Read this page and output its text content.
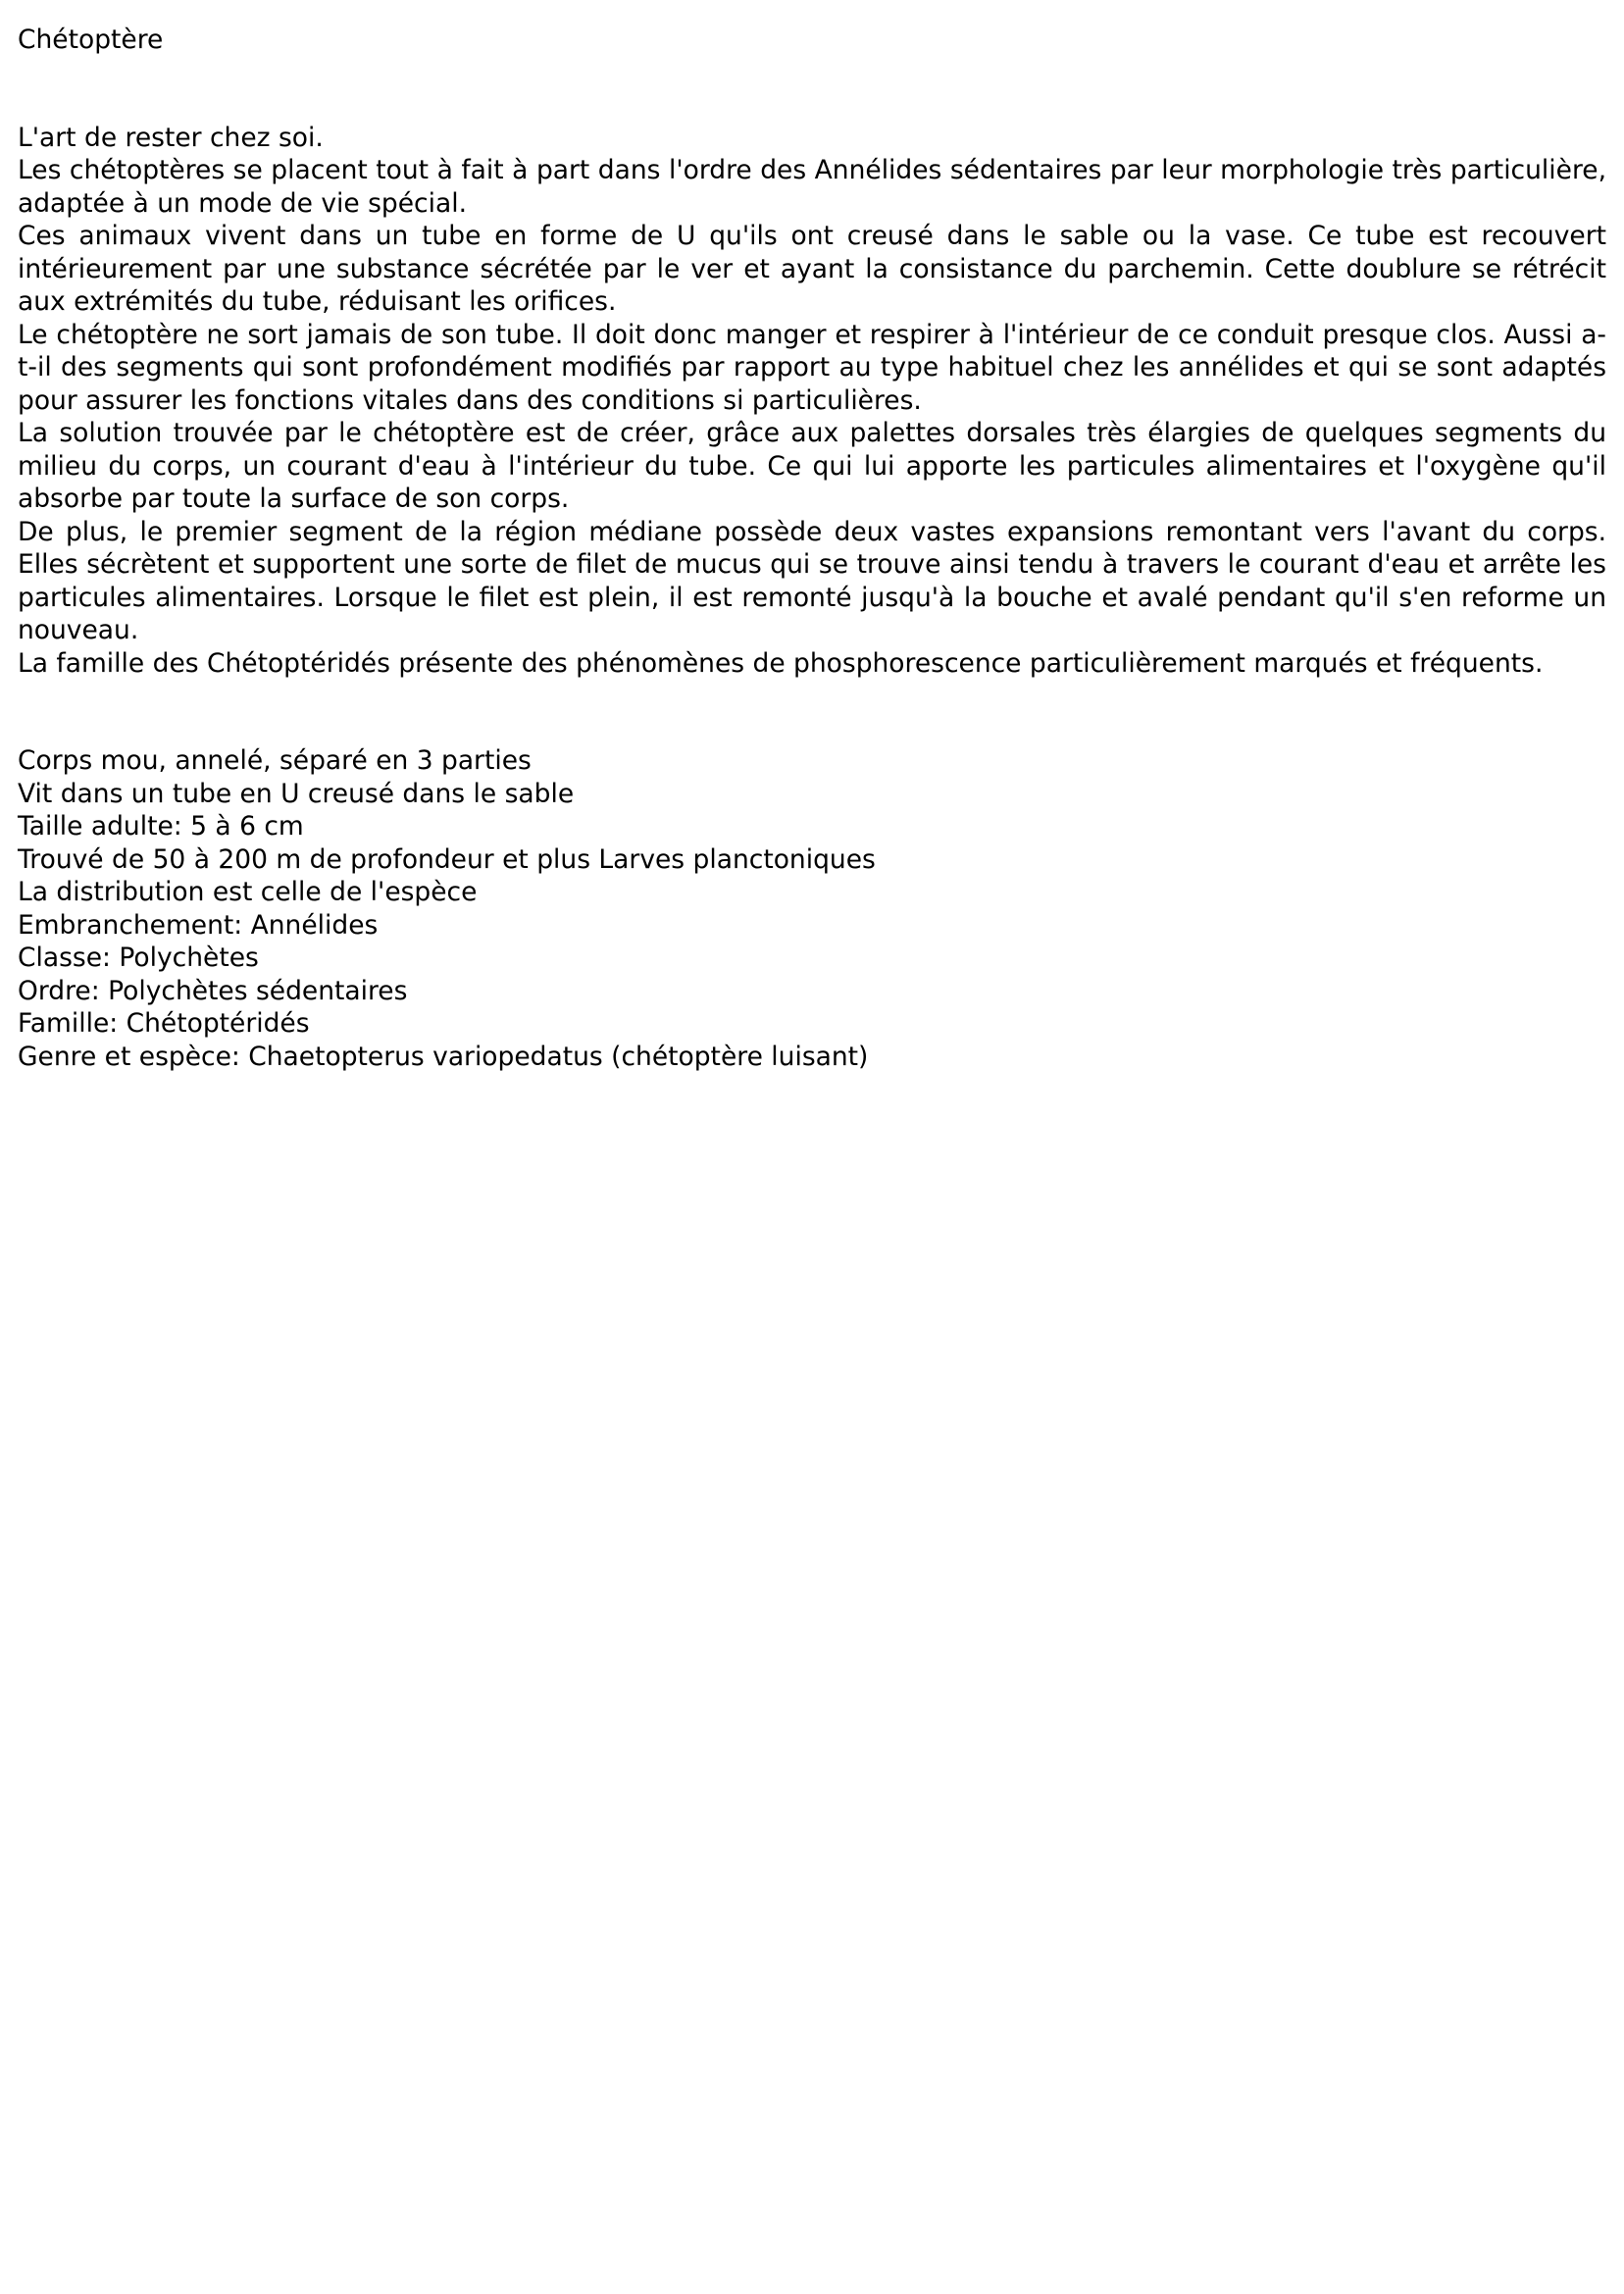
Chétoptère

L'art de rester chez soi.

Les chétoptères se placent tout à fait à part dans l'ordre des Annélides sédentaires par leur morphologie très particulière, adaptée à un mode de vie spécial.

Ces animaux vivent dans un tube en forme de U qu'ils ont creusé dans le sable ou la vase. Ce tube est recouvert intérieurement par une substance sécrétée par le ver et ayant la consistance du parchemin. Cette doublure se rétrécit aux extrémités du tube, réduisant les orifices.

Le chétoptère ne sort jamais de son tube. Il doit donc manger et respirer à l'intérieur de ce conduit presque clos. Aussi a-t-il des segments qui sont profondément modifiés par rapport au type habituel chez les annélides et qui se sont adaptés pour assurer les fonctions vitales dans des conditions si particulières.

La solution trouvée par le chétoptère est de créer, grâce aux palettes dorsales très élargies de quelques segments du milieu du corps, un courant d'eau à l'intérieur du tube. Ce qui lui apporte les particules alimentaires et l'oxygène qu'il absorbe par toute la surface de son corps.

De plus, le premier segment de la région médiane possède deux vastes expansions remontant vers l'avant du corps. Elles sécrètent et supportent une sorte de filet de mucus qui se trouve ainsi tendu à travers le courant d'eau et arrête les particules alimentaires. Lorsque le filet est plein, il est remonté jusqu'à la bouche et avalé pendant qu'il s'en reforme un nouveau.

La famille des Chétoptéridés présente des phénomènes de phosphorescence particulièrement marqués et fréquents.

Corps mou, annelé, séparé en 3 parties
Vit dans un tube en U creusé dans le sable
Taille adulte: 5 à 6 cm
Trouvé de 50 à 200 m de profondeur et plus Larves planctoniques
La distribution est celle de l'espèce
Embranchement: Annélides
Classe: Polychètes
Ordre: Polychètes sédentaires
Famille: Chétoptéridés
Genre et espèce: Chaetopterus variopedatus (chétoptère luisant)
